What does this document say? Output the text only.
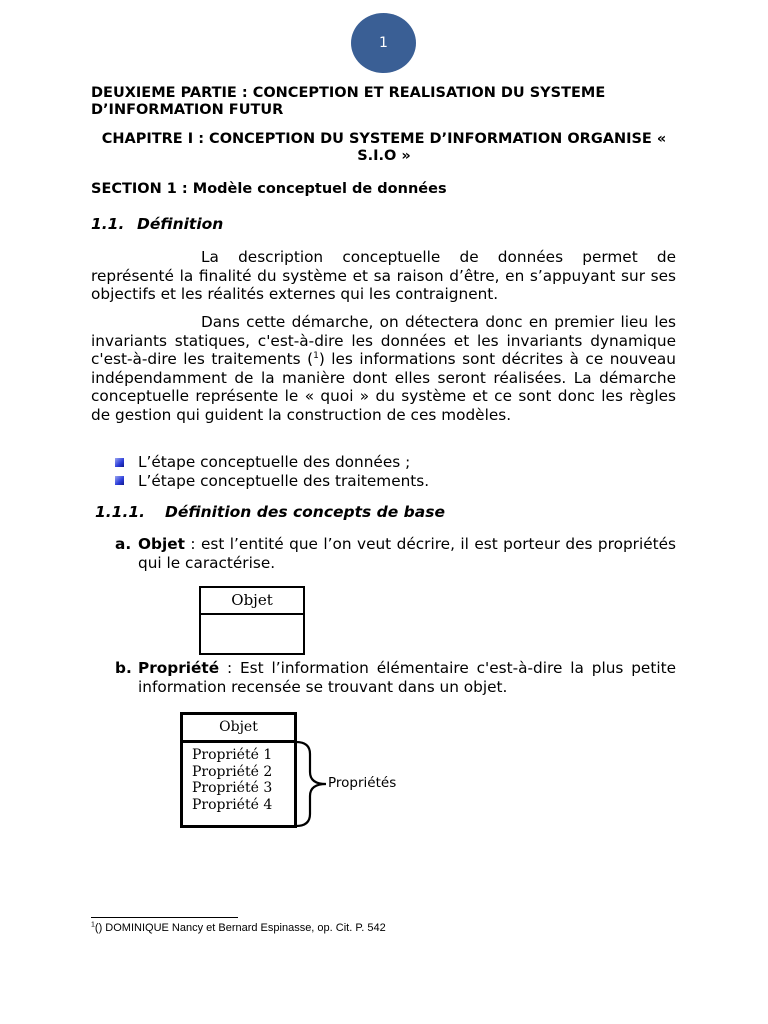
1
DEUXIEME PARTIE : CONCEPTION ET REALISATION DU SYSTEME D’INFORMATION FUTUR
CHAPITRE I : CONCEPTION DU SYSTEME D’INFORMATION ORGANISE « S.I.O »
SECTION 1 : Modèle conceptuel de données
1.1. Définition
La description conceptuelle de données permet de représenté la finalité du système et sa raison d’être, en s’appuyant sur ses objectifs et les réalités externes qui les contraignent.
Dans cette démarche, on détectera donc en premier lieu les invariants statiques, c'est-à-dire les données et les invariants dynamique c'est-à-dire les traitements ($^1$) les informations sont décrites à ce nouveau indépendamment de la manière dont elles seront réalisées. La démarche conceptuelle représente le « quoi » du système et ce sont donc les règles de gestion qui guident la construction de ces modèles.
L’étape conceptuelle des données ;
L’étape conceptuelle des traitements.
1.1.1. Définition des concepts de base
a. Objet : est l’entité que l’on veut décrire, il est porteur des propriétés qui le caractérise.
Objet
b. Propriété : Est l’information élémentaire c'est-à-dire la plus petite information recensée se trouvant dans un objet.
Objet
Propriété 1
Propriété 2
Propriété 3
Propriété 4
Propriétés
$^1$() DOMINIQUE Nancy et Bernard Espinasse, op. Cit. P. 542
